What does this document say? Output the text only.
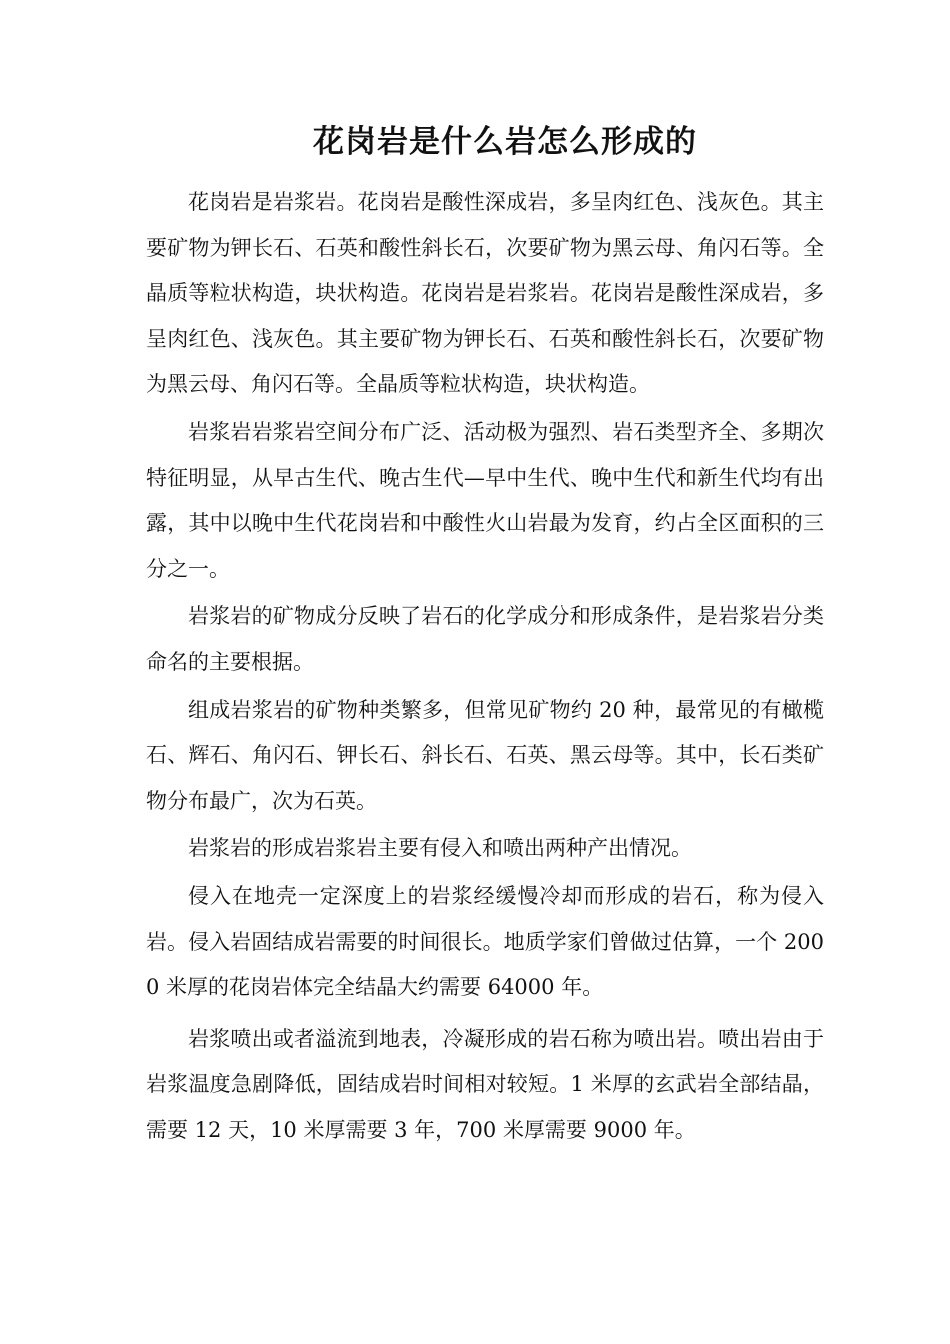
花岗岩是什么岩怎么形成的

花岗岩是岩浆岩。花岗岩是酸性深成岩，多呈肉红色、浅灰色。其主要矿物为钾长石、石英和酸性斜长石，次要矿物为黑云母、角闪石等。全晶质等粒状构造，块状构造。花岗岩是岩浆岩。花岗岩是酸性深成岩，多呈肉红色、浅灰色。其主要矿物为钾长石、石英和酸性斜长石，次要矿物为黑云母、角闪石等。全晶质等粒状构造，块状构造。

岩浆岩岩浆岩空间分布广泛、活动极为强烈、岩石类型齐全、多期次特征明显，从早古生代、晚古生代—早中生代、晚中生代和新生代均有出露，其中以晚中生代花岗岩和中酸性火山岩最为发育，约占全区面积的三分之一。

岩浆岩的矿物成分反映了岩石的化学成分和形成条件，是岩浆岩分类命名的主要根据。

组成岩浆岩的矿物种类繁多，但常见矿物约 20 种，最常见的有橄榄石、辉石、角闪石、钾长石、斜长石、石英、黑云母等。其中，长石类矿物分布最广，次为石英。

岩浆岩的形成岩浆岩主要有侵入和喷出两种产出情况。

侵入在地壳一定深度上的岩浆经缓慢冷却而形成的岩石，称为侵入岩。侵入岩固结成岩需要的时间很长。地质学家们曾做过估算，一个 2000 米厚的花岗岩体完全结晶大约需要 64000 年。

岩浆喷出或者溢流到地表，冷凝形成的岩石称为喷出岩。喷出岩由于岩浆温度急剧降低，固结成岩时间相对较短。1 米厚的玄武岩全部结晶，需要 12 天，10 米厚需要 3 年，700 米厚需要 9000 年。
